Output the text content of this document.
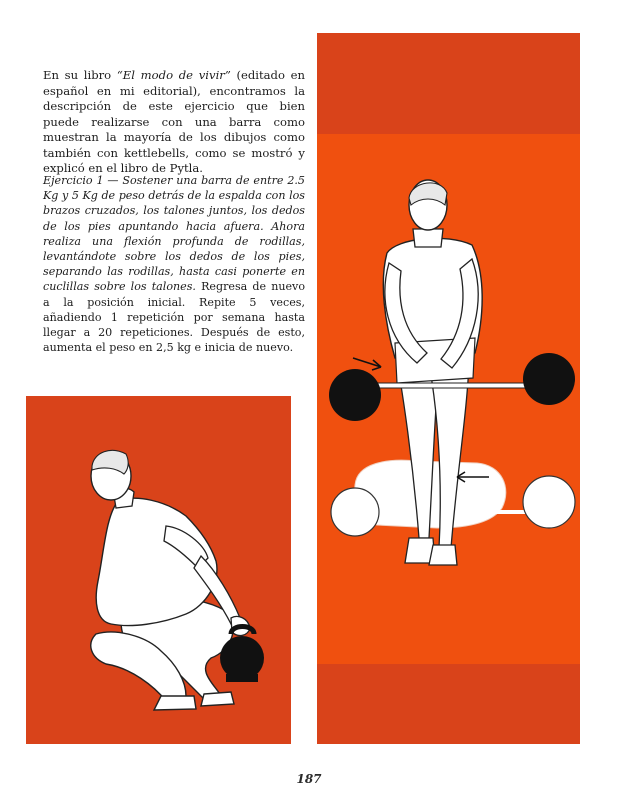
En su libro “El modo de vivir” (editado en español en mi editorial), encontramos la descripción de este ejercicio que bien puede realizarse con una barra como muestran la mayoría de los dibujos como también con kettlebells, como se mostró y explicó en el libro de Pytla.

Ejercicio 1 — Sostener una barra de entre 2.5 Kg y 5 Kg de peso detrás de la espalda con los brazos cruzados, los talones juntos, los dedos de los pies apuntando hacia afuera. Ahora realiza una flexión profunda de rodillas, levantándote sobre los dedos de los pies, separando las rodillas, hasta casi ponerte en cuclillas sobre los talones. Regresa de nuevo a la posición inicial. Repite 5 veces, añadiendo 1 repetición por semana hasta llegar a 20 repeticiones. Después de esto, aumenta el peso en 2,5 kg e inicia de nuevo.

187
